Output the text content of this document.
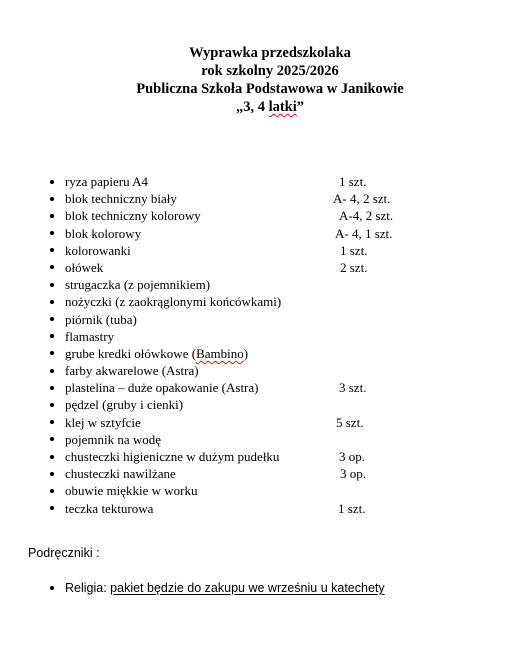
Wyprawka przedszkolaka
rok szkolny 2025/2026
Publiczna Szkoła Podstawowa w Janikowie
„3, 4 latki”
ryza papieru A4	1 szt.
blok techniczny biały	A- 4, 2 szt.
blok techniczny kolorowy	A-4, 2 szt.
blok kolorowy	A- 4, 1 szt.
kolorowanki	1 szt.
ołówek	2 szt.
strugaczka (z pojemnikiem)
nożyczki (z zaokrąglonymi końcówkami)
piórnik (tuba)
flamastry
grube kredki ołówkowe (Bambino)
farby akwarelowe (Astra)
plastelina – duże opakowanie (Astra)	3 szt.
pędzel (gruby i cienki)
klej w sztyfcie	5 szt.
pojemnik na wodę
chusteczki higieniczne w dużym pudełku	3 op.
chusteczki nawilżane	3 op.
obuwie miękkie w worku
teczka tekturowa	1 szt.
Podręczniki :
Religia: pakiet będzie do zakupu we wrześniu u katechety
